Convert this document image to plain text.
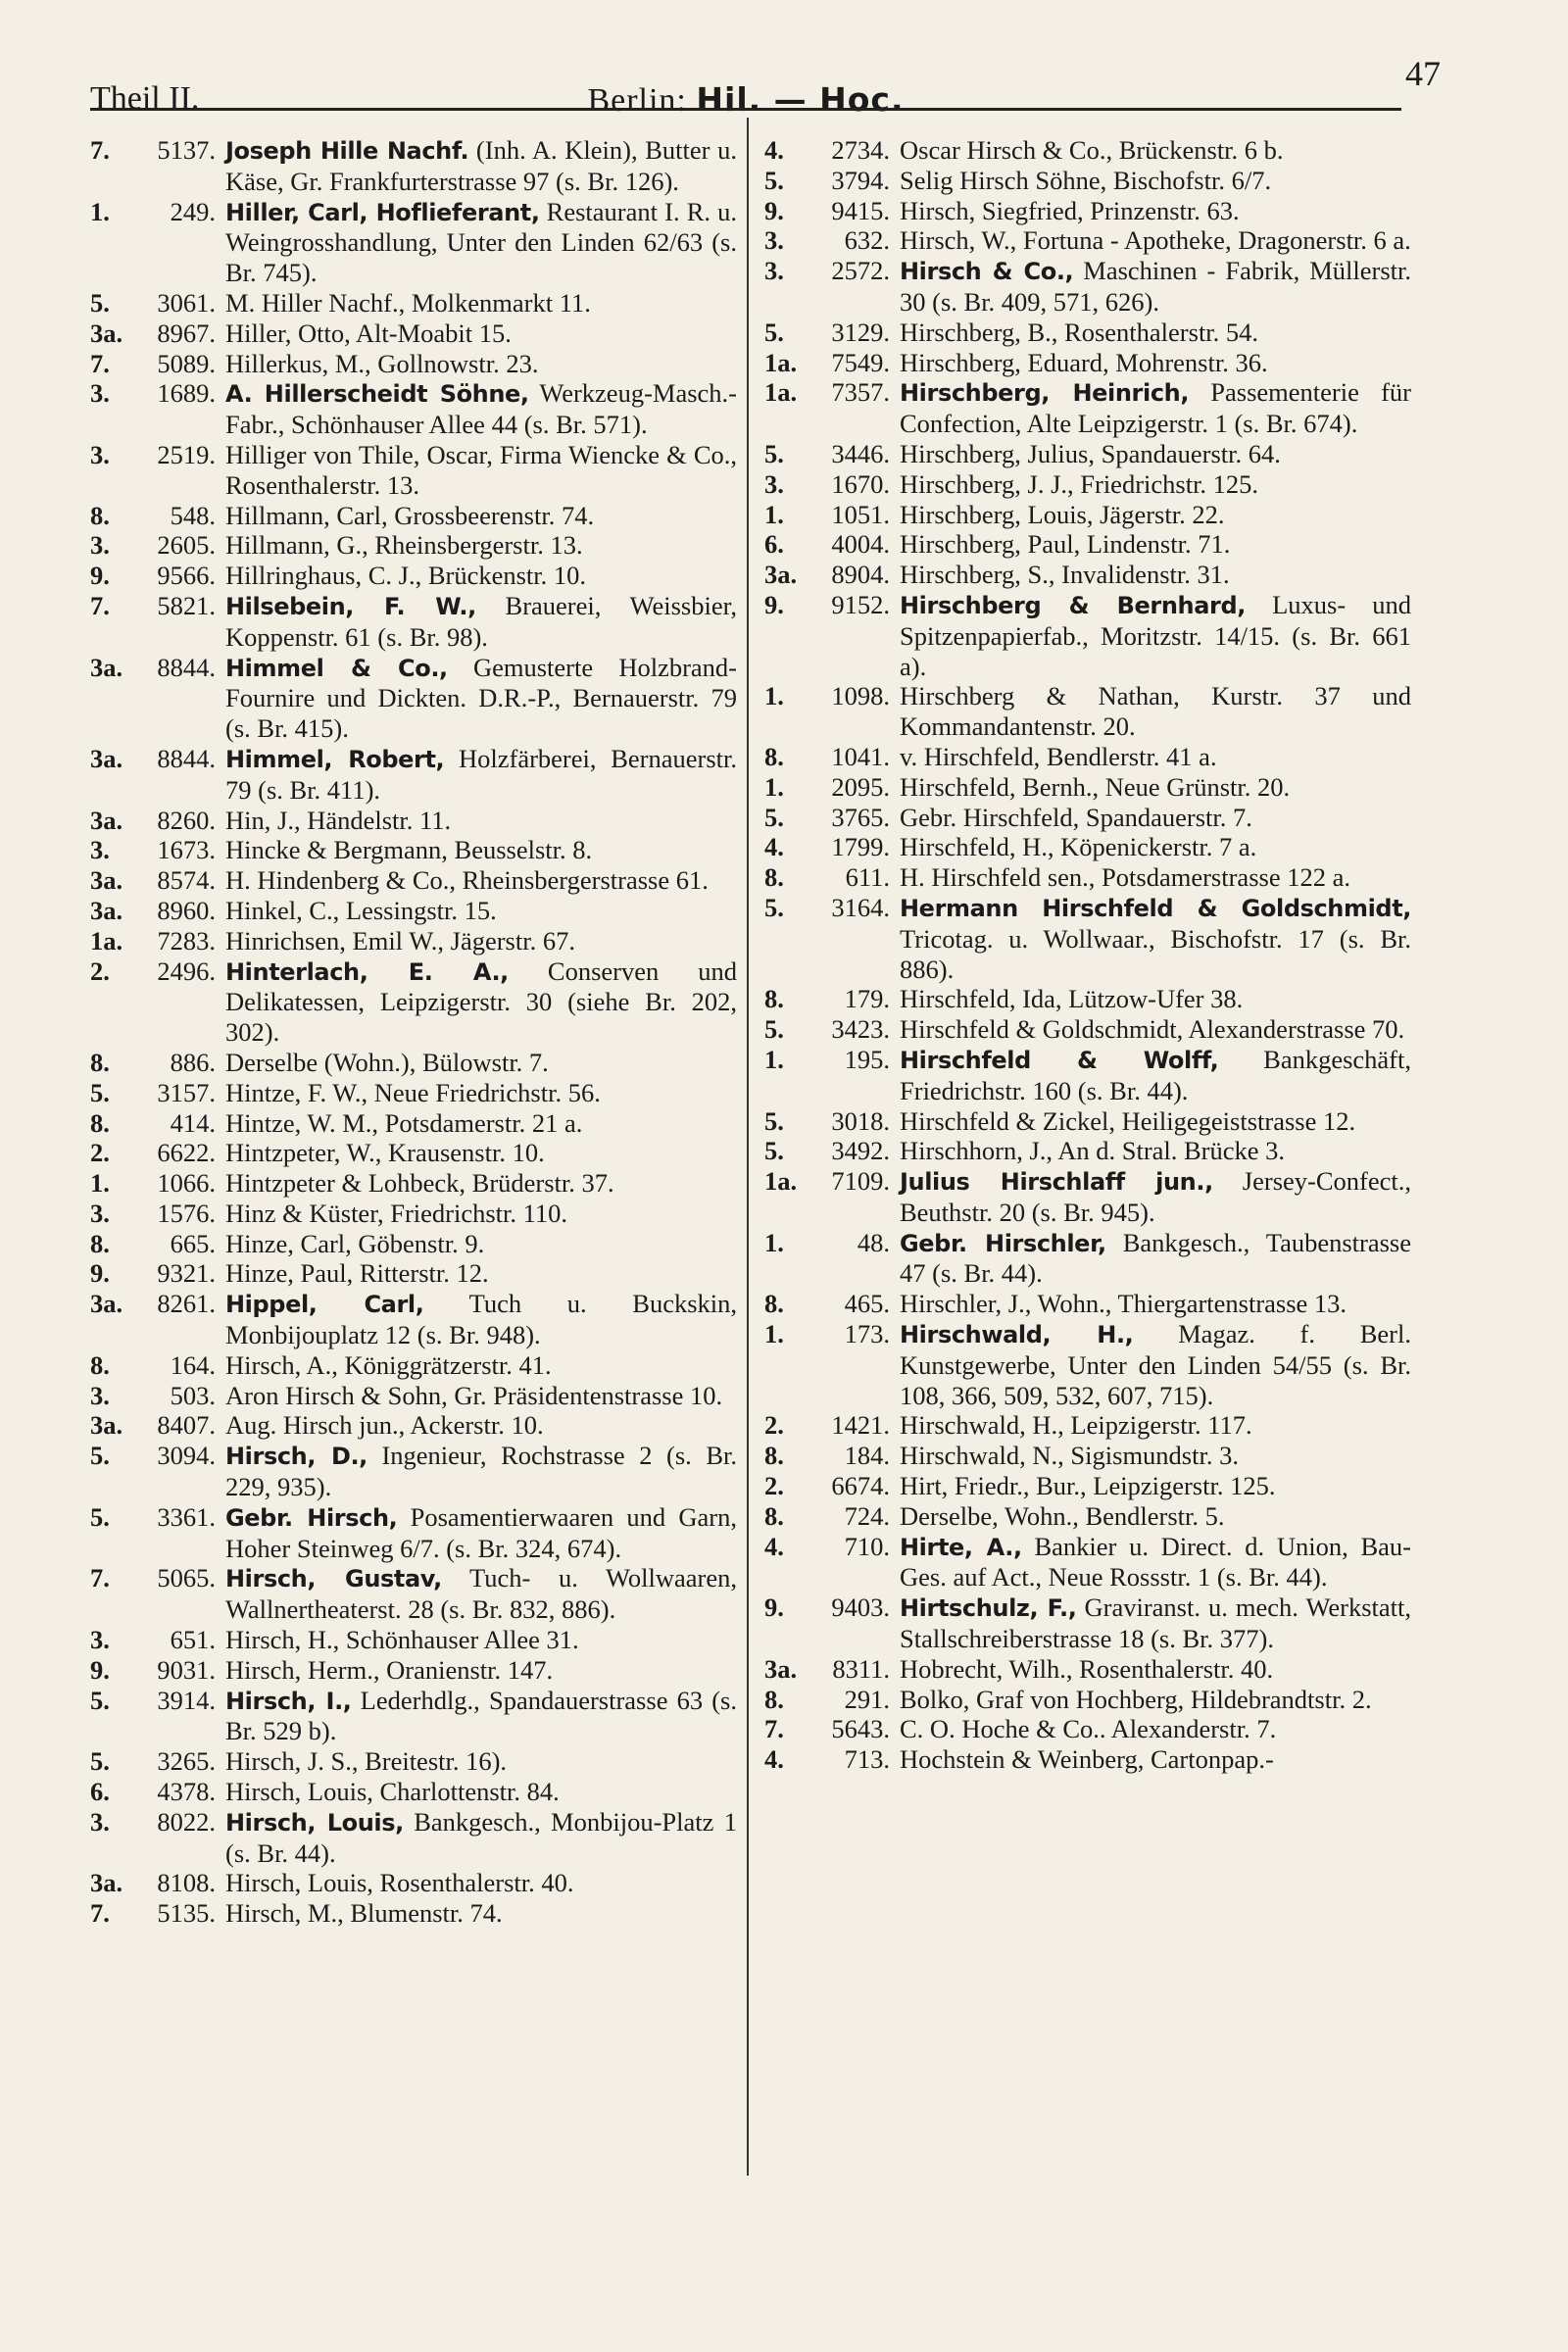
Theil II.	Berlin: Hil. — Hoc.
47
7. 5137. Joseph Hille Nachf. (Inh. A. Klein), Butter u. Käse, Gr. Frankfurterstrasse 97 (s. Br. 126).
1. 249. Hiller, Carl, Hoflieferant, Restaurant I. R. u. Weingrosshandlung, Unter den Linden 62/63 (s. Br. 745).
5. 3061. M. Hiller Nachf., Molkenmarkt 11.
3a. 8967. Hiller, Otto, Alt-Moabit 15.
7. 5089. Hillerkus, M., Gollnowstr. 23.
3. 1689. A. Hillerscheidt Söhne, Werkzeug-Masch.-Fabr., Schönhauser Allee 44 (s. Br. 571).
3. 2519. Hilliger von Thile, Oscar, Firma Wiencke & Co., Rosenthalerstr. 13.
8. 548. Hillmann, Carl, Grossbeerenstr. 74.
3. 2605. Hillmann, G., Rheinsbergerstr. 13.
9. 9566. Hillringhaus, C. J., Brückenstr. 10.
7. 5821. Hilsebein, F. W., Brauerei, Weissbier, Koppenstr. 61 (s. Br. 98).
3a. 8844. Himmel & Co., Gemusterte Holzbrand-Fournire und Dickten. D.R.-P., Bernauerstr. 79 (s. Br. 415).
3a. 8844. Himmel, Robert, Holzfärberei, Bernauerstr. 79 (s. Br. 411).
3a. 8260. Hin, J., Händelstr. 11.
3. 1673. Hincke & Bergmann, Beusselstr. 8.
3a. 8574. H. Hindenberg & Co., Rheinsbergerstrasse 61.
3a. 8960. Hinkel, C., Lessingstr. 15.
1a. 7283. Hinrichsen, Emil W., Jägerstr. 67.
2. 2496. Hinterlach, E. A., Conserven und Delikatessen, Leipzigerstr. 30 (siehe Br. 202, 302).
8. 886. Derselbe (Wohn.), Bülowstr. 7.
5. 3157. Hintze, F. W., Neue Friedrichstr. 56.
8. 414. Hintze, W. M., Potsdamerstr. 21 a.
2. 6622. Hintzpeter, W., Krausenstr. 10.
1. 1066. Hintzpeter & Lohbeck, Brüderstr. 37.
3. 1576. Hinz & Küster, Friedrichstr. 110.
8. 665. Hinze, Carl, Göbenstr. 9.
9. 9321. Hinze, Paul, Ritterstr. 12.
3a. 8261. Hippel, Carl, Tuch u. Buckskin, Monbijouplatz 12 (s. Br. 948).
8. 164. Hirsch, A., Königgrätzerstr. 41.
3. 503. Aron Hirsch & Sohn, Gr. Präsidentenstrasse 10.
3a. 8407. Aug. Hirsch jun., Ackerstr. 10.
5. 3094. Hirsch, D., Ingenieur, Rochstrasse 2 (s. Br. 229, 935).
5. 3361. Gebr. Hirsch, Posamentierwaaren und Garn, Hoher Steinweg 6/7. (s. Br. 324, 674).
7. 5065. Hirsch, Gustav, Tuch- u. Wollwaaren, Wallnertheaterst. 28 (s. Br. 832, 886).
3. 651. Hirsch, H., Schönhauser Allee 31.
9. 9031. Hirsch, Herm., Oranienstr. 147.
5. 3914. Hirsch, I., Lederhdlg., Spandauerstrasse 63 (s. Br. 529 b).
5. 3265. Hirsch, J. S., Breitestr. 16).
6. 4378. Hirsch, Louis, Charlottenstr. 84.
3. 8022. Hirsch, Louis, Bankgesch., Monbijou-Platz 1 (s. Br. 44).
3a. 8108. Hirsch, Louis, Rosenthalerstr. 40.
7. 5135. Hirsch, M., Blumenstr. 74.
4. 2734. Oscar Hirsch & Co., Brückenstr. 6 b.
5. 3794. Selig Hirsch Söhne, Bischofstr. 6/7.
9. 9415. Hirsch, Siegfried, Prinzenstr. 63.
3. 632. Hirsch, W., Fortuna - Apotheke, Dragonerstr. 6 a.
3. 2572. Hirsch & Co., Maschinen - Fabrik, Müllerstr. 30 (s. Br. 409, 571, 626).
5. 3129. Hirschberg, B., Rosenthalerstr. 54.
1a. 7549. Hirschberg, Eduard, Mohrenstr. 36.
1a. 7357. Hirschberg, Heinrich, Passementerie für Confection, Alte Leipzigerstr. 1 (s. Br. 674).
5. 3446. Hirschberg, Julius, Spandauerstr. 64.
3. 1670. Hirschberg, J. J., Friedrichstr. 125.
1. 1051. Hirschberg, Louis, Jägerstr. 22.
6. 4004. Hirschberg, Paul, Lindenstr. 71.
3a. 8904. Hirschberg, S., Invalidenstr. 31.
9. 9152. Hirschberg & Bernhard, Luxus- und Spitzenpapierfab., Moritzstr. 14/15. (s. Br. 661 a).
1. 1098. Hirschberg & Nathan, Kurstr. 37 und Kommandantenstr. 20.
8. 1041. v. Hirschfeld, Bendlerstr. 41 a.
1. 2095. Hirschfeld, Bernh., Neue Grünstr. 20.
5. 3765. Gebr. Hirschfeld, Spandauerstr. 7.
4. 1799. Hirschfeld, H., Köpenickerstr. 7 a.
8. 611. H. Hirschfeld sen., Potsdamerstrasse 122 a.
5. 3164. Hermann Hirschfeld & Goldschmidt, Tricotag. u. Wollwaar., Bischofstr. 17 (s. Br. 886).
8. 179. Hirschfeld, Ida, Lützow-Ufer 38.
5. 3423. Hirschfeld & Goldschmidt, Alexanderstrasse 70.
1. 195. Hirschfeld & Wolff, Bankgeschäft, Friedrichstr. 160 (s. Br. 44).
5. 3018. Hirschfeld & Zickel, Heiligegeiststrasse 12.
5. 3492. Hirschhorn, J., An d. Stral. Brücke 3.
1a. 7109. Julius Hirschlaff jun., Jersey-Confect., Beuthstr. 20 (s. Br. 945).
1.	48. Gebr. Hirschler, Bankgesch., Taubenstrasse 47 (s. Br. 44).
8. 465. Hirschler, J., Wohn., Thiergartenstrasse 13.
1. 173. Hirschwald, H., Magaz. f. Berl. Kunstgewerbe, Unter den Linden 54/55 (s. Br. 108, 366, 509, 532, 607, 715).
2. 1421. Hirschwald, H., Leipzigerstr. 117.
8. 184. Hirschwald, N., Sigismundstr. 3.
2. 6674. Hirt, Friedr., Bur., Leipzigerstr. 125.
8. 724. Derselbe, Wohn., Bendlerstr. 5.
4. 710. Hirte, A., Bankier u. Direct. d. Union, Bau-Ges. auf Act., Neue Rossstr. 1 (s. Br. 44).
9. 9403. Hirtschulz, F., Graviranst. u. mech. Werkstatt, Stallschreiberstrasse 18 (s. Br. 377).
3a. 8311. Hobrecht, Wilh., Rosenthalerstr. 40.
8. 291. Bolko, Graf von Hochberg, Hildebrandtstr. 2.
7. 5643. C. O. Hoche & Co.. Alexanderstr. 7.
4. 713. Hochstein & Weinberg, Cartonpap.-
